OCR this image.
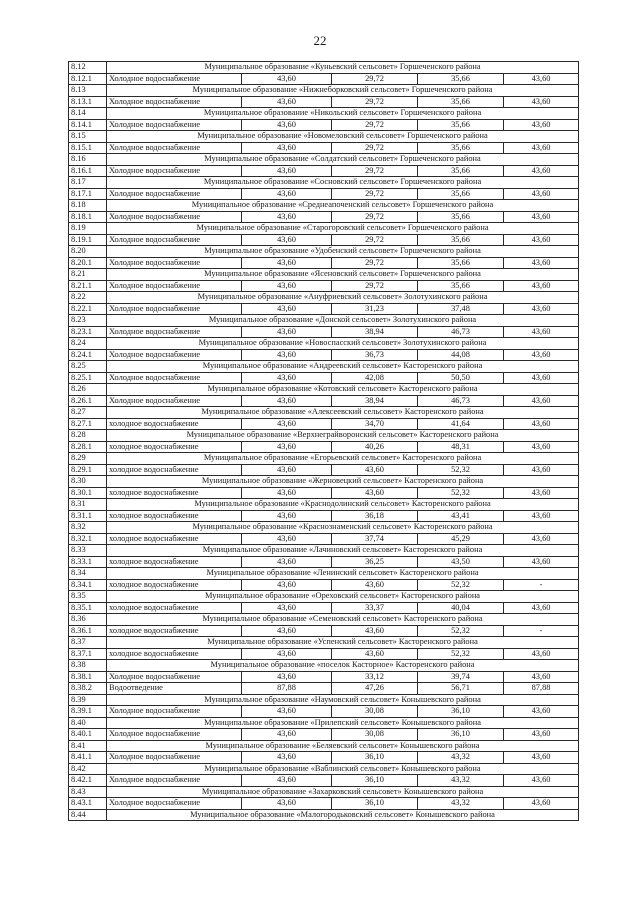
22
8.12	Муниципальное образование «Куньевский сельсовет» Горшеченского района				
8.12.1	Холодное водоснабжение	43,60	29,72	35,66	43,60
8.13	Муниципальное образование «Нижнеборковский сельсовет» Горшеченского района				
8.13.1	Холодное водоснабжение	43,60	29,72	35,66	43,60
8.14	Муниципальное образование «Никольский сельсовет» Горшеченского района				
8.14.1	Холодное водоснабжение	43,60	29,72	35,66	43,60
8.15	Муниципальное образование «Новомеловский сельсовет» Горшеченского района				
8.15.1	Холодное водоснабжение	43,60	29,72	35,66	43,60
8.16	Муниципальное образование «Солдатский сельсовет» Горшеченского района				
8.16.1	Холодное водоснабжение	43,60	29,72	35,66	43,60
8.17	Муниципальное образование «Сосновский сельсовет» Горшеченского района				
8.17.1	Холодное водоснабжение	43,60	29,72	35,66	43,60
8.18	Муниципальное образование «Среднеапоченский сельсовет» Горшеченского района				
8.18.1	Холодное водоснабжение	43,60	29,72	35,66	43,60
8.19	Муниципальное образование «Старогоровский сельсовет» Горшеченского района				
8.19.1	Холодное водоснабжение	43,60	29,72	35,66	43,60
8.20	Муниципальное образование «Удобенский сельсовет» Горшеченского района				
8.20.1	Холодное водоснабжение	43,60	29,72	35,66	43,60
8.21	Муниципальное образование «Ясеновский сельсовет» Горшеченского района				
8.21.1	Холодное водоснабжение	43,60	29,72	35,66	43,60
8.22	Муниципальное образование «Ануфриевский сельсовет» Золотухинского района				
8.22.1	Холодное водоснабжение	43,60	31,23	37,48	43,60
8.23	Муниципальное образование «Донской сельсовет» Золотухинского района				
8.23.1	Холодное водоснабжение	43,60	38,94	46,73	43,60
8.24	Муниципальное образование «Новоспасский сельсовет» Золотухинского района				
8.24.1	Холодное водоснабжение	43,60	36,73	44,08	43,60
8.25	Муниципальное образование «Андреевский сельсовет» Касторенского района				
8.25.1	Холодное водоснабжение	43,60	42,08	50,50	43,60
8.26	Муниципальное образование «Котовский сельсовет» Касторенского района				
8.26.1	Холодное водоснабжение	43,60	38,94	46,73	43,60
8.27	Муниципальное образование «Алексеевский сельсовет» Касторенского района				
8.27.1	холодное водоснабжение	43,60	34,70	41,64	43,60
8.28	Муниципальное образование «Верхнеграйворонский сельсовет» Касторенского района				
8.28.1	холодное водоснабжение	43,60	40,26	48,31	43,60
8.29	Муниципальное образование «Егорьевский сельсовет» Касторенского района				
8.29.1	холодное водоснабжение	43,60	43,60	52,32	43,60
8.30	Муниципальное образование «Жерновецкий сельсовет» Касторенского района				
8.30.1	холодное водоснабжение	43,60	43,60	52,32	43,60
8.31	Муниципальное образование «Краснодолинский сельсовет» Касторенского района				
8.31.1	холодное водоснабжение	43,60	36,18	43,41	43,60
8.32	Муниципальное образование «Краснознаменский сельсовет» Касторенского района				
8.32.1	холодное водоснабжение	43,60	37,74	45,29	43,60
8.33	Муниципальное образование «Лачиновский сельсовет» Касторенского района				
8.33.1	холодное водоснабжение	43,60	36,25	43,50	43,60
8.34	Муниципальное образование «Ленинский сельсовет» Касторенского района				
8.34.1	холодное водоснабжение	43,60	43,60	52,32	-
8.35	Муниципальное образование «Ореховский сельсовет» Касторенского района				
8.35.1	холодное водоснабжение	43,60	33,37	40,04	43,60
8.36	Муниципальное образование «Семеновский сельсовет» Касторенского района				
8.36.1	холодное водоснабжение	43,60	43,60	52,32	-
8.37	Муниципальное образование «Успенский сельсовет» Касторенского района				
8.37.1	холодное водоснабжение	43,60	43,60	52,32	43,60
8.38	Муниципальное образование «поселок Касторное» Касторенского района				
8.38.1	Холодное водоснабжение	43,60	33,12	39,74	43,60
8.38.2	Водоотведение	87,88	47,26	56,71	87,88
8.39	Муниципальное образование «Наумовский сельсовет» Конышевского района				
8.39.1	Холодное водоснабжение	43,60	30,08	36,10	43,60
8.40	Муниципальное образование «Прилепский сельсовет» Конышевского района				
8.40.1	Холодное водоснабжение	43,60	30,08	36,10	43,60
8.41	Муниципальное образование «Беляевский сельсовет» Конышевского района				
8.41.1	Холодное водоснабжение	43,60	36,10	43,32	43,60
8.42	Муниципальное образование «Ваблинский сельсовет» Конышевского района				
8.42.1	Холодное водоснабжение	43,60	36,10	43,32	43,60
8.43	Муниципальное образование «Захарковский сельсовет» Конышевского района				
8.43.1	Холодное водоснабжение	43,60	36,10	43,32	43,60
8.44	Муниципальное образование «Малогородьковский сельсовет» Конышевского района				
